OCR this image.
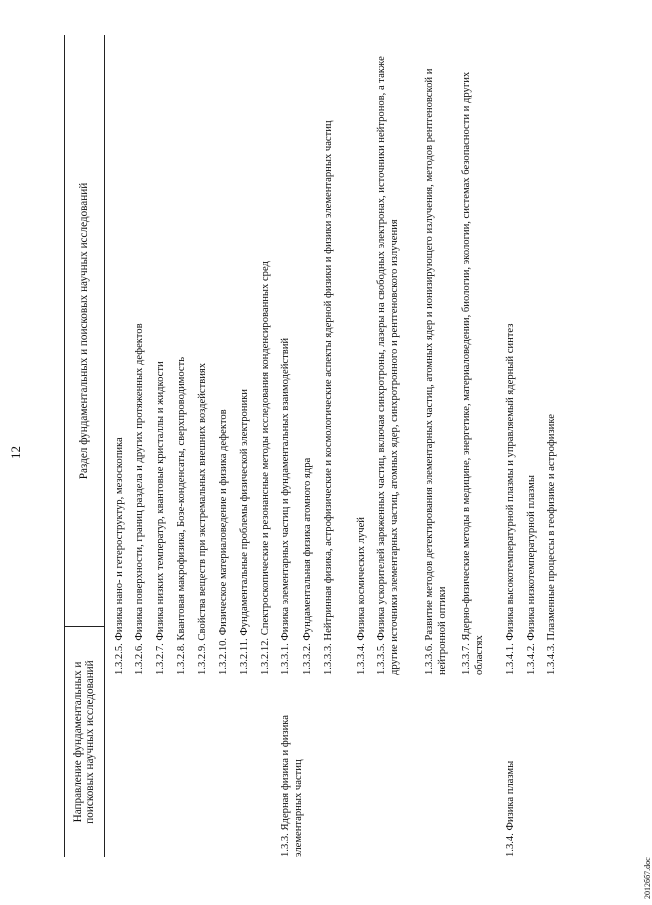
12
Направление фундаментальных и поисковых научных исследований
Раздел фундаментальных и поисковых научных исследований
1.3.2.5. Физика нано- и гетероструктур, мезоскопика 1.3.2.6. Физика поверхности, границ раздела и других протяженных дефектов 1.3.2.7. Физика низких температур, квантовые кристаллы и жидкости 1.3.2.8. Квантовая макрофизика, Бозе-конденсаты, сверхпроводимость 1.3.2.9. Свойства веществ при экстремальных внешних воздействиях 1.3.2.10. Физическое материаловедение и физика дефектов 1.3.2.11. Фундаментальные проблемы физической электроники 1.3.2.12. Спектроскопические и резонансные методы исследования конденсированных сред
1.3.3. Ядерная физика и физика элементарных частиц
1.3.3.1. Физика элементарных частиц и фундаментальных взаимодействий 1.3.3.2. Фундаментальная физика атомного ядра 1.3.3.3. Нейтринная физика, астрофизические и космологические аспекты ядерной физики и физики элементарных частиц 1.3.3.4. Физика космических лучей 1.3.3.5. Физика ускорителей заряженных частиц, включая синхротроны, лазеры на свободных электронах, источники нейтронов, а также другие источники элементарных частиц, атомных ядер, синхротронного и рентгеновского излучения 1.3.3.6. Развитие методов детектирования элементарных частиц, атомных ядер и ионизирующего излучения, методов рентгеновской и нейтронной оптики 1.3.3.7. Ядерно-физические методы в медицине, энергетике, материаловедении, биологии, экологии, системах безопасности и других областях
1.3.4. Физика плазмы
1.3.4.1. Физика высокотемпературной плазмы и управляемый ядерный синтез 1.3.4.2. Физика низкотемпературной плазмы 1.3.4.3. Плазменные процессы в геофизике и астрофизике
2012бб7.doc
